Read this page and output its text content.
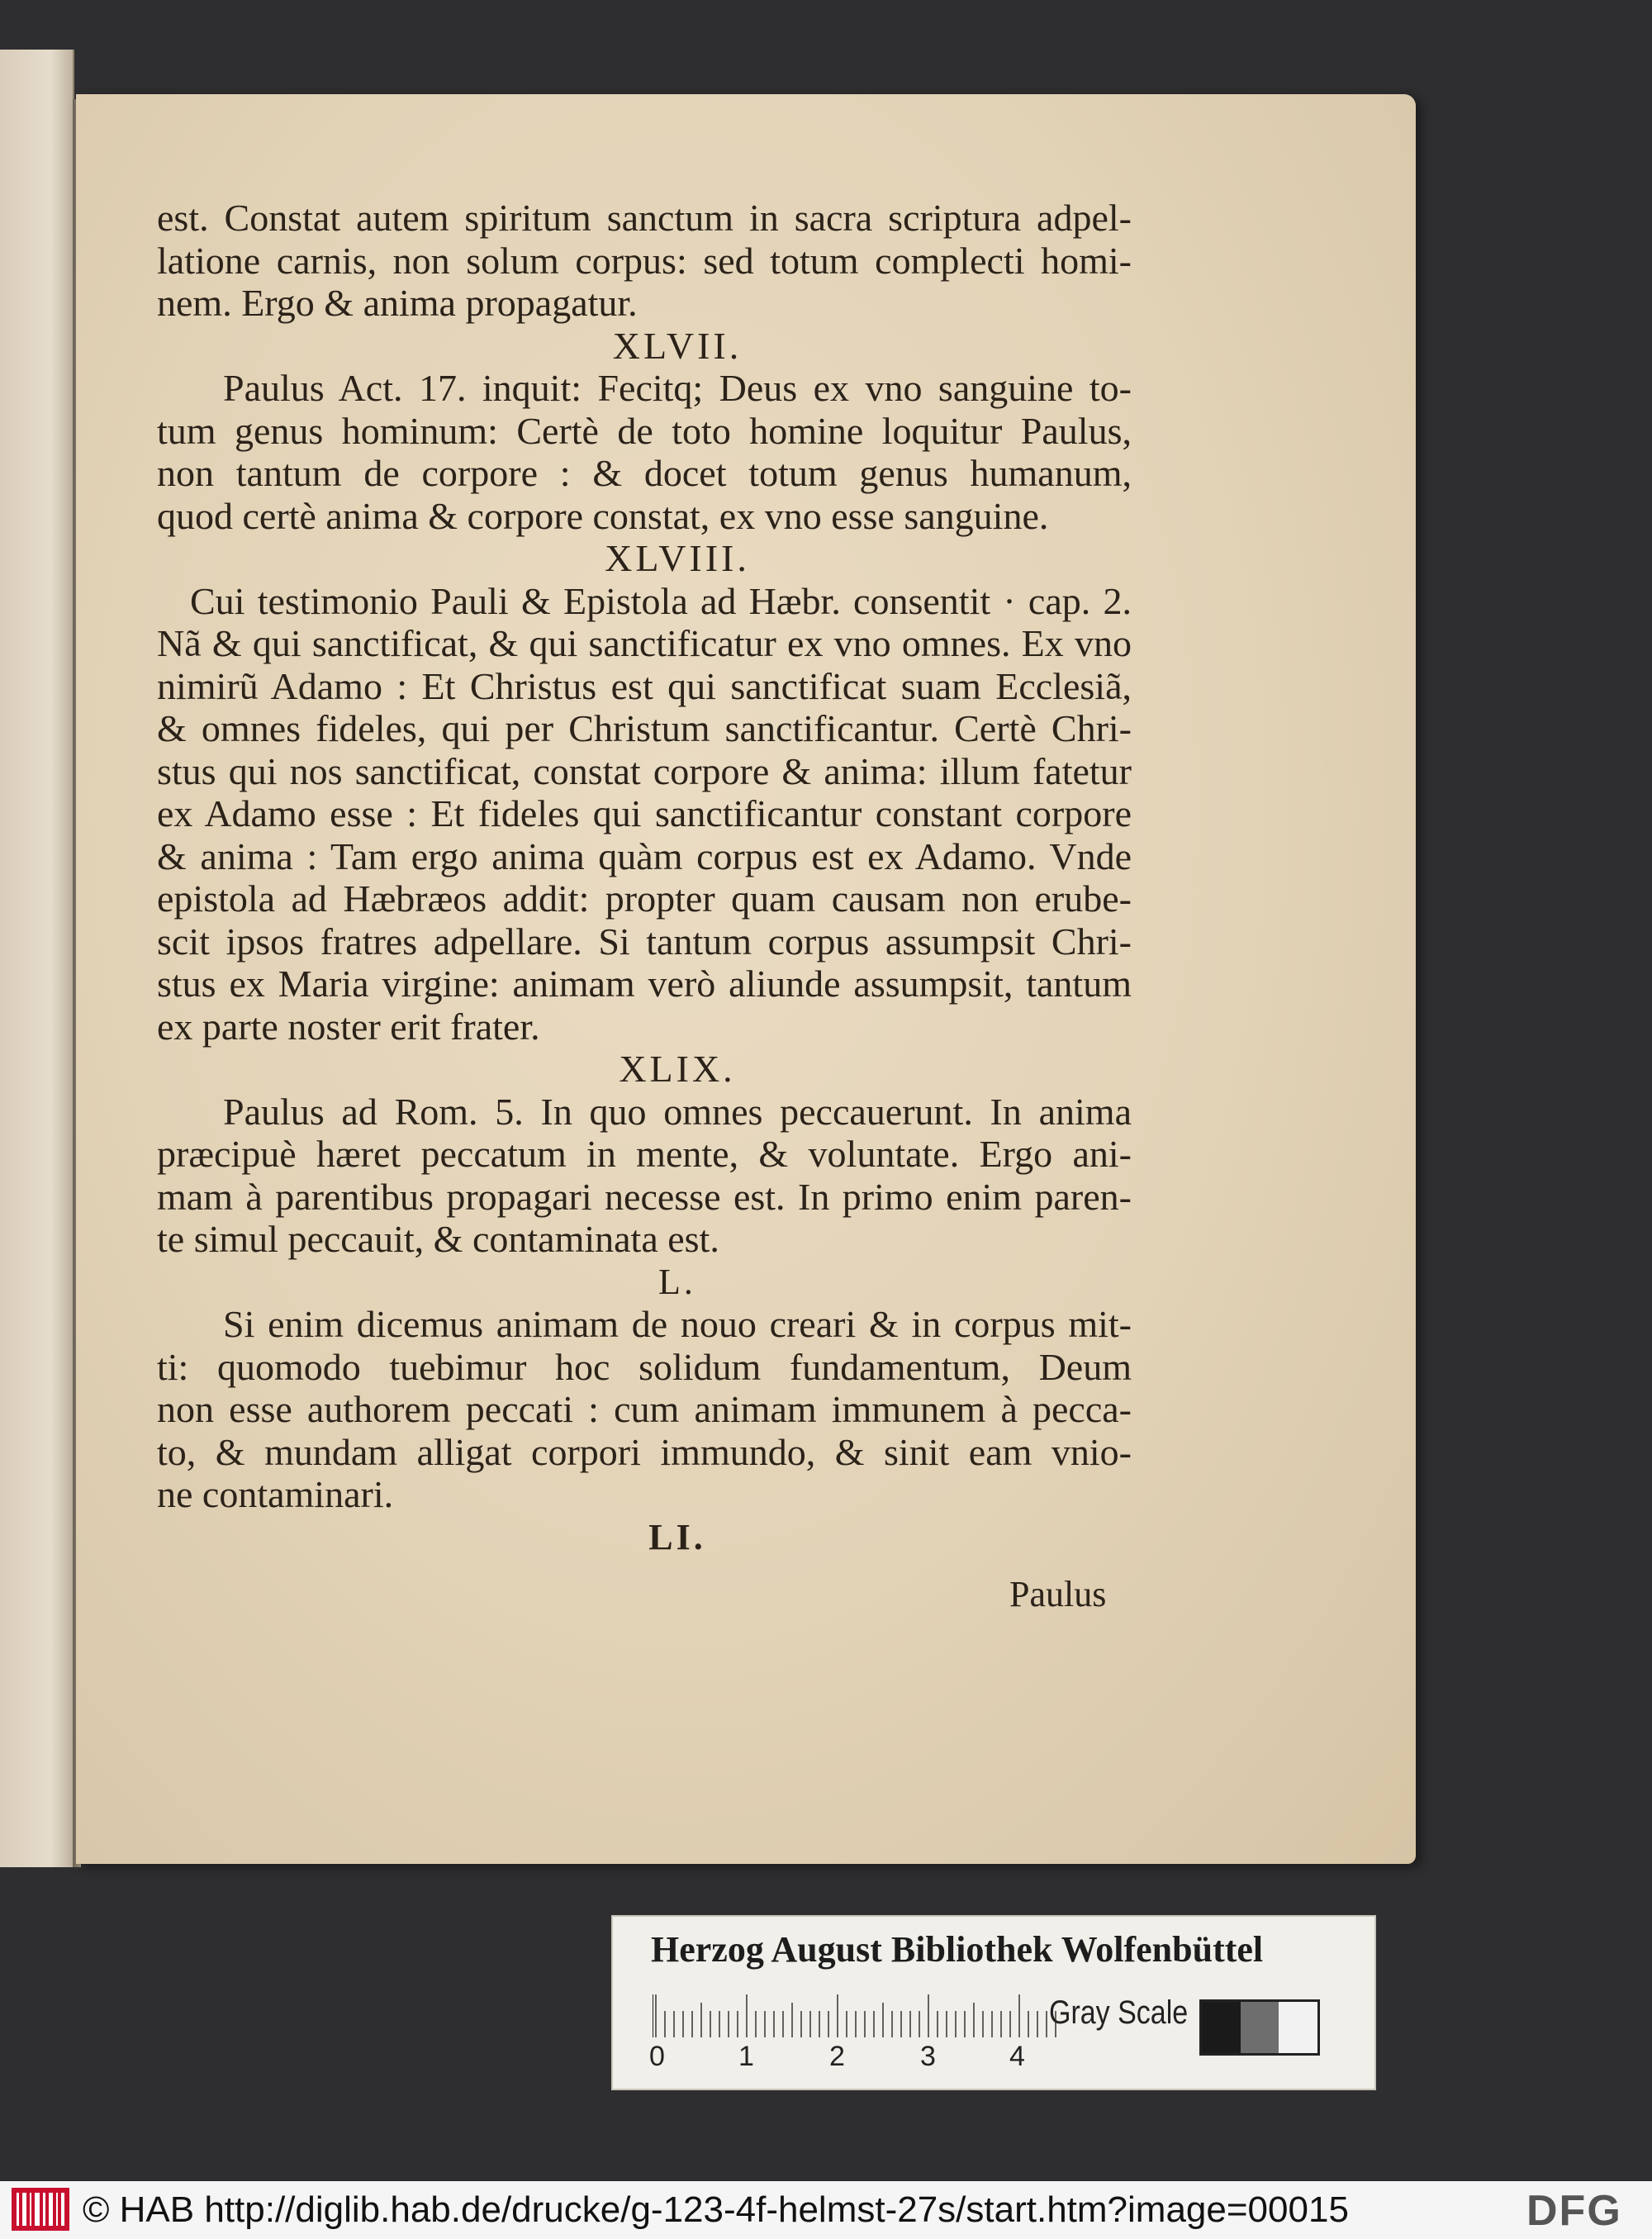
est. Constat autem spiritum sanctum in sacra scriptura adpel-
latione carnis, non solum corpus: sed totum complecti homi-
nem. Ergo & anima propagatur.
XLVII.
Paulus Act. 17. inquit: Fecitq; Deus ex vno sanguine to-
tum genus hominum: Certè de toto homine loquitur Paulus,
non tantum de corpore : & docet totum genus humanum,
quod certè anima & corpore constat, ex vno esse sanguine.
XLVIII.
Cui testimonio Pauli & Epistola ad Hæbr. consentit · cap. 2.
Nã & qui sanctificat, & qui sanctificatur ex vno omnes. Ex vno
nimirũ Adamo : Et Christus est qui sanctificat suam Ecclesiã,
& omnes fideles, qui per Christum sanctificantur. Certè Chri-
stus qui nos sanctificat, constat corpore & anima: illum fatetur
ex Adamo esse : Et fideles qui sanctificantur constant corpore
& anima : Tam ergo anima quàm corpus est ex Adamo. Vnde
epistola ad Hæbræos addit: propter quam causam non erube-
scit ipsos fratres adpellare. Si tantum corpus assumpsit Chri-
stus ex Maria virgine: animam verò aliunde assumpsit, tantum
ex parte noster erit frater.
XLIX.
Paulus ad Rom. 5. In quo omnes peccauerunt. In anima
præcipuè hæret peccatum in mente, & voluntate. Ergo ani-
mam à parentibus propagari necesse est. In primo enim paren-
te simul peccauit, & contaminata est.
L.
Si enim dicemus animam de nouo creari & in corpus mit-
ti: quomodo tuebimur hoc solidum fundamentum, Deum
non esse authorem peccati : cum animam immunem à pecca-
to, & mundam alligat corpori immundo, & sinit eam vnio-
ne contaminari.
LI.
Paulus
Herzog August Bibliothek Wolfenbüttel
0	1	2	3	4
Gray Scale
© HAB http://diglib.hab.de/drucke/g-123-4f-helmst-27s/start.htm?image=00015	DFG
